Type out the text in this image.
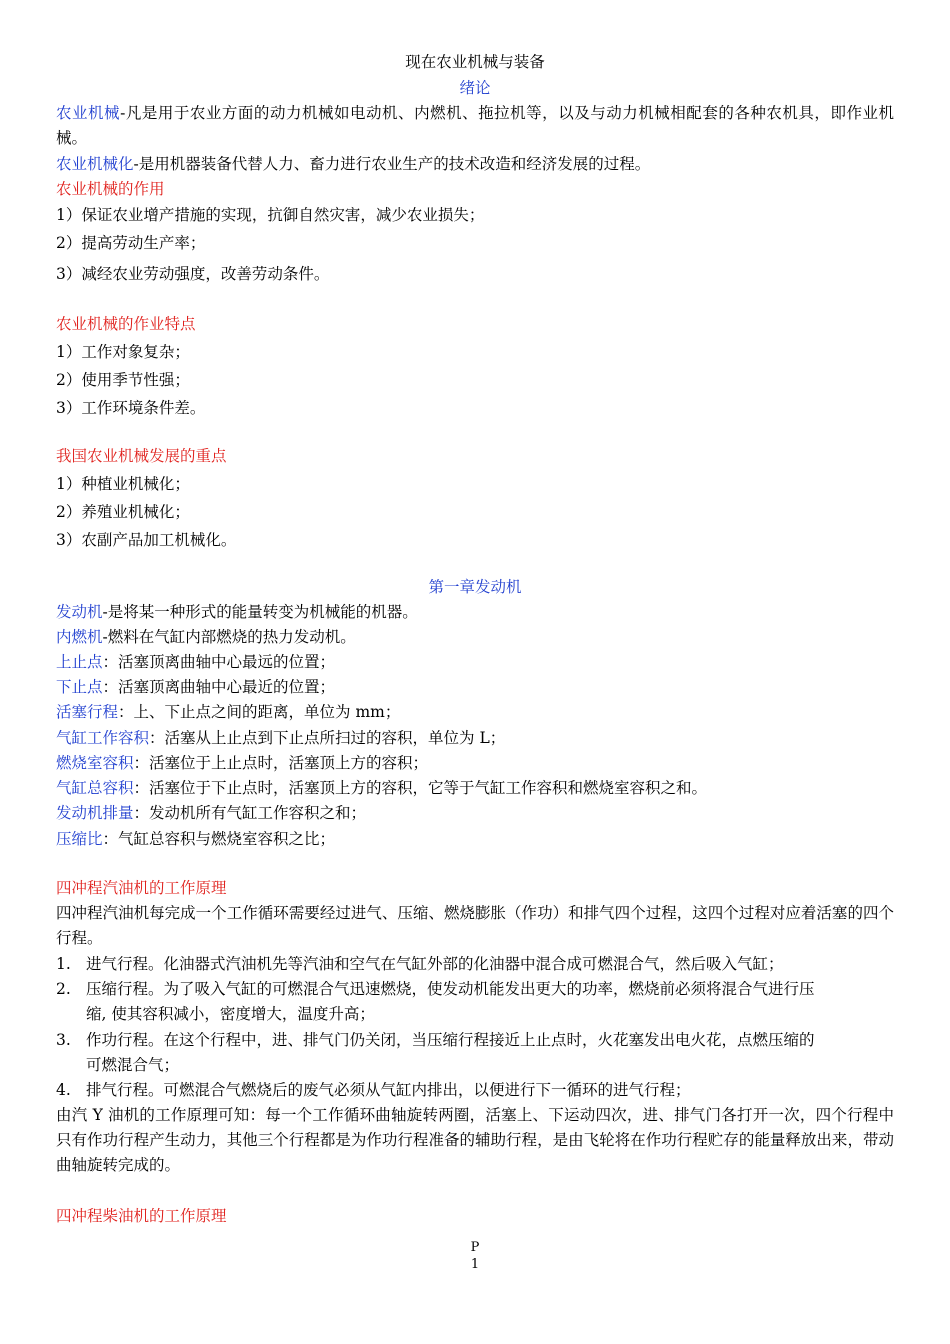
现在农业机械与装备
绪论
农业机械-凡是用于农业方面的动力机械如电动机、内燃机、拖拉机等，以及与动力机械相配套的各种农机具，即作业机械。
农业机械化-是用机器装备代替人力、畜力进行农业生产的技术改造和经济发展的过程。
农业机械的作用
1）保证农业增产措施的实现，抗御自然灾害，减少农业损失；
2）提高劳动生产率；
3）减经农业劳动强度，改善劳动条件。
农业机械的作业特点
1）工作对象复杂；
2）使用季节性强；
3）工作环境条件差。
我国农业机械发展的重点
1）种植业机械化；
2）养殖业机械化；
3）农副产品加工机械化。
第一章发动机
发动机-是将某一种形式的能量转变为机械能的机器。
内燃机-燃料在气缸内部燃烧的热力发动机。
上止点：活塞顶离曲轴中心最远的位置；
下止点：活塞顶离曲轴中心最近的位置；
活塞行程：上、下止点之间的距离，单位为 mm；
气缸工作容积：活塞从上止点到下止点所扫过的容积，单位为 L；
燃烧室容积：活塞位于上止点时，活塞顶上方的容积；
气缸总容积：活塞位于下止点时，活塞顶上方的容积，它等于气缸工作容积和燃烧室容积之和。
发动机排量：发动机所有气缸工作容积之和；
压缩比：气缸总容积与燃烧室容积之比；
四冲程汽油机的工作原理
四冲程汽油机每完成一个工作循环需要经过进气、压缩、燃烧膨胀（作功）和排气四个过程，这四个过程对应着活塞的四个行程。
1. 进气行程。化油器式汽油机先等汽油和空气在气缸外部的化油器中混合成可燃混合气，然后吸入气缸；
2. 压缩行程。为了吸入气缸的可燃混合气迅速燃烧，使发动机能发出更大的功率，燃烧前必须将混合气进行压
缩, 使其容积减小，密度增大，温度升高；
3. 作功行程。在这个行程中，进、排气门仍关闭，当压缩行程接近上止点时，火花塞发出电火花，点燃压缩的
可燃混合气；
4. 排气行程。可燃混合气燃烧后的废气必须从气缸内排出，以便进行下一循环的进气行程；
由汽 Y 油机的工作原理可知：每一个工作循环曲轴旋转两圈，活塞上、下运动四次，进、排气门各打开一次，四个行程中只有作功行程产生动力，其他三个行程都是为作功行程准备的辅助行程，是由飞轮将在作功行程贮存的能量释放出来，带动曲轴旋转完成的。
四冲程柴油机的工作原理
P
1
